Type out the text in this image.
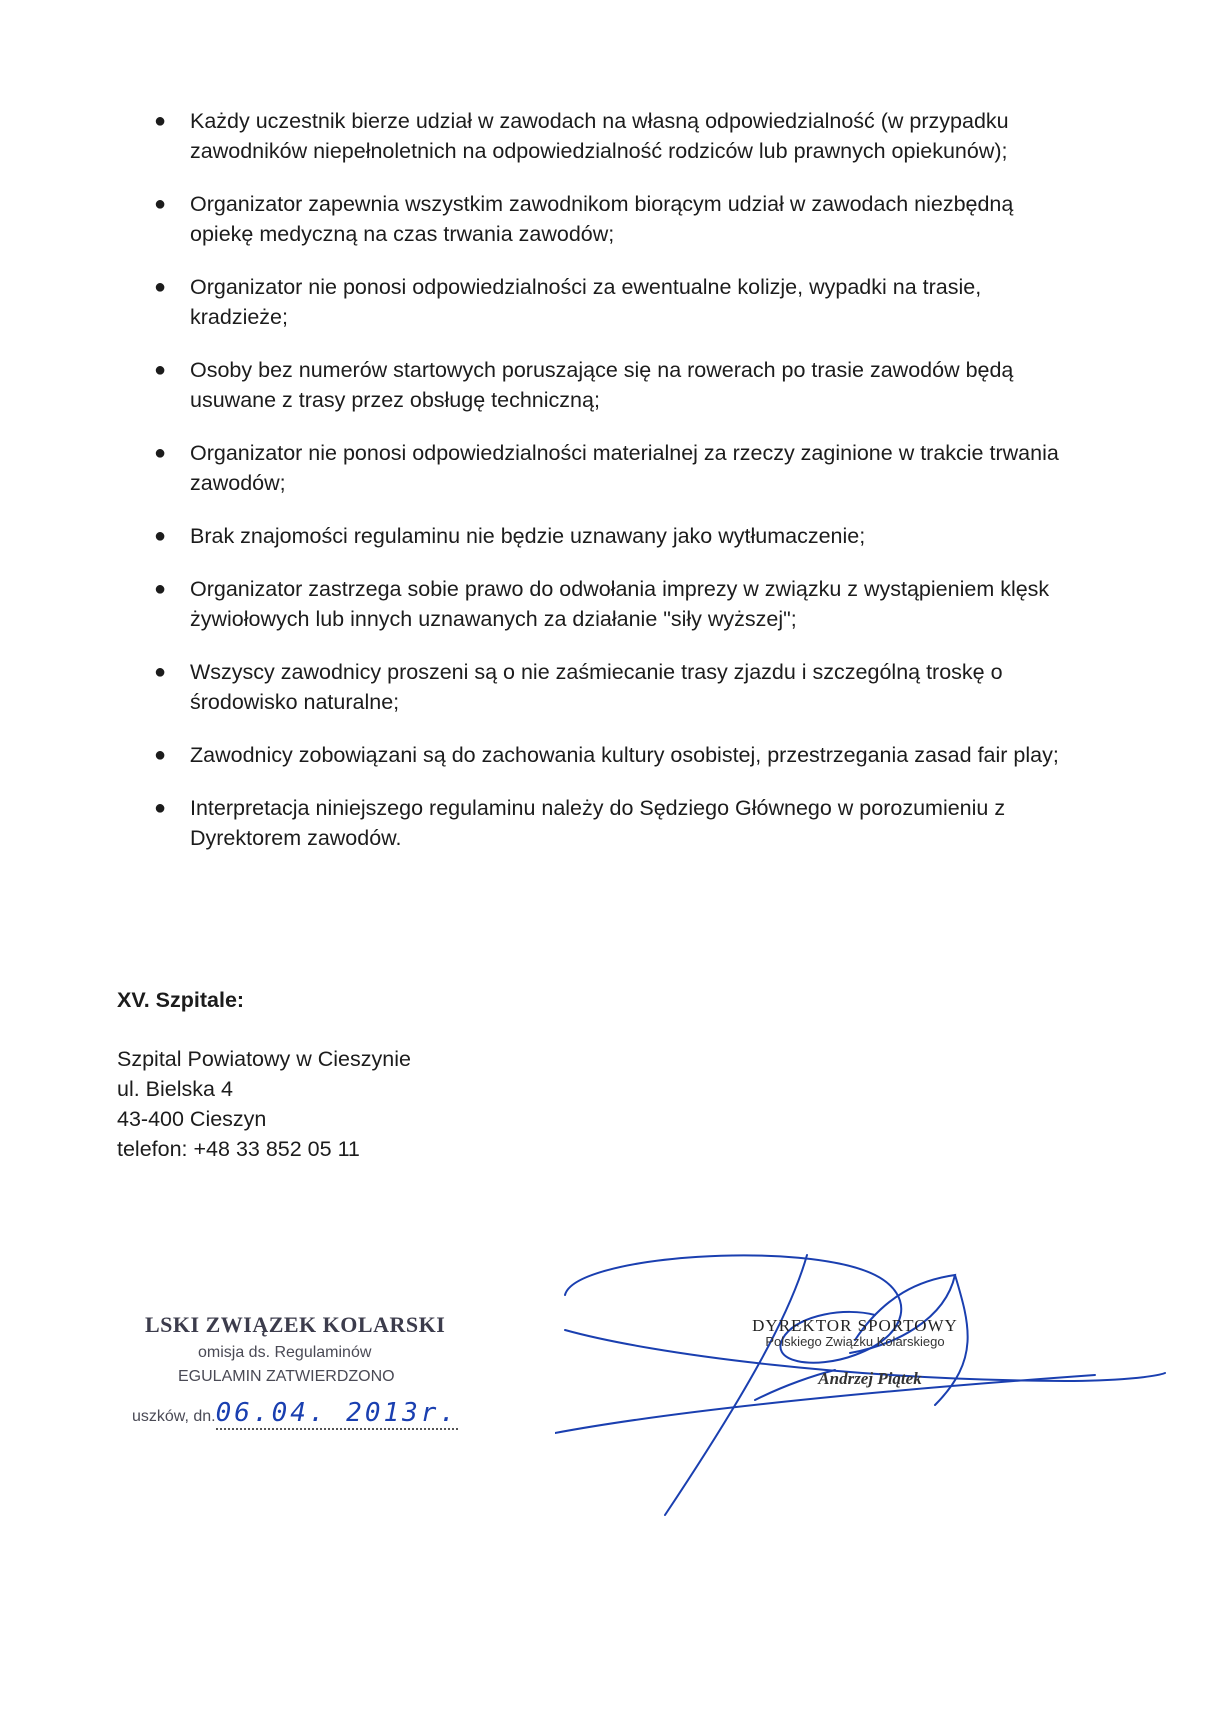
● Każdy uczestnik bierze udział w zawodach na własną odpowiedzialność (w przypadku zawodników niepełnoletnich na odpowiedzialność rodziców lub prawnych opiekunów);
● Organizator zapewnia wszystkim zawodnikom biorącym udział w zawodach niezbędną opiekę medyczną na czas trwania zawodów;
● Organizator nie ponosi odpowiedzialności za ewentualne kolizje, wypadki na trasie, kradzieże;
● Osoby bez numerów startowych poruszające się na rowerach po trasie zawodów będą usuwane z trasy przez obsługę techniczną;
● Organizator nie ponosi odpowiedzialności materialnej za rzeczy zaginione w trakcie trwania zawodów;
● Brak znajomości regulaminu nie będzie uznawany jako wytłumaczenie;
● Organizator zastrzega sobie prawo do odwołania imprezy w związku z wystąpieniem klęsk żywiołowych lub innych uznawanych za działanie "siły wyższej";
● Wszyscy zawodnicy proszeni są o nie zaśmiecanie trasy zjazdu i szczególną troskę o środowisko naturalne;
● Zawodnicy zobowiązani są do zachowania kultury osobistej, przestrzegania zasad fair play;
● Interpretacja niniejszego regulaminu należy do Sędziego Głównego w porozumieniu z Dyrektorem zawodów.
XV. Szpitale:
Szpital Powiatowy w Cieszynie
ul. Bielska 4
43-400 Cieszyn
telefon: +48 33 852 05 11
LSKI ZWIĄZEK KOLARSKI
omisja ds. Regulaminów
EGULAMIN ZATWIERDZONO
uszków, dn.06.04. 2013r.
DYREKTOR SPORTOWY
Polskiego Związku Kolarskiego
Andrzej Piątek
